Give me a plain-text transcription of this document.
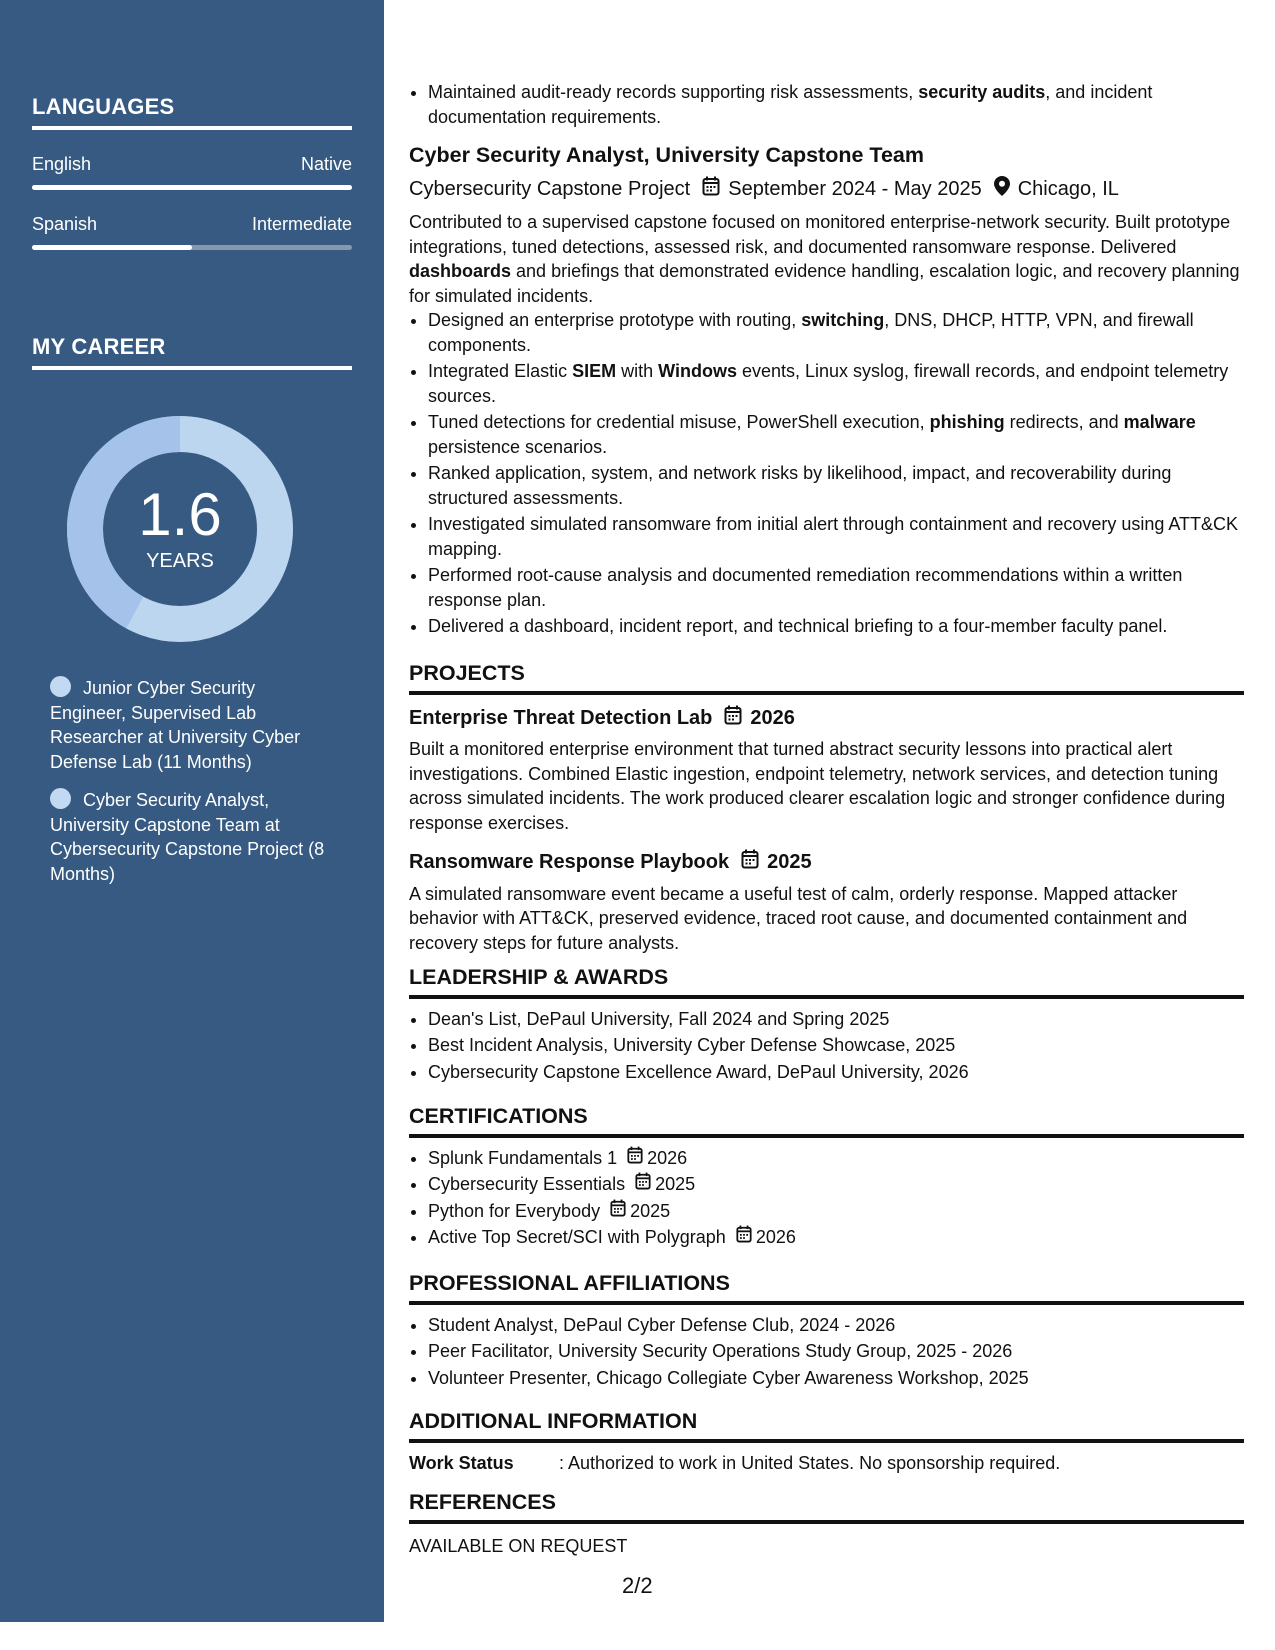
LANGUAGES
English	Native
Spanish	Intermediate
MY CAREER
1.6
YEARS
Junior Cyber Security Engineer, Supervised Lab Researcher at University Cyber Defense Lab (11 Months)
Cyber Security Analyst, University Capstone Team at Cybersecurity Capstone Project (8 Months)
• Maintained audit-ready records supporting risk assessments, security audits, and incident documentation requirements.
Cyber Security Analyst, University Capstone Team
Cybersecurity Capstone Project September 2024 - May 2025 Chicago, IL
Contributed to a supervised capstone focused on monitored enterprise-network security. Built prototype integrations, tuned detections, assessed risk, and documented ransomware response. Delivered dashboards and briefings that demonstrated evidence handling, escalation logic, and recovery planning for simulated incidents.
• Designed an enterprise prototype with routing, switching, DNS, DHCP, HTTP, VPN, and firewall components.
• Integrated Elastic SIEM with Windows events, Linux syslog, firewall records, and endpoint telemetry sources.
• Tuned detections for credential misuse, PowerShell execution, phishing redirects, and malware persistence scenarios.
• Ranked application, system, and network risks by likelihood, impact, and recoverability during structured assessments.
• Investigated simulated ransomware from initial alert through containment and recovery using ATT&CK mapping.
• Performed root-cause analysis and documented remediation recommendations within a written response plan.
• Delivered a dashboard, incident report, and technical briefing to a four-member faculty panel.
PROJECTS
Enterprise Threat Detection Lab 2026
Built a monitored enterprise environment that turned abstract security lessons into practical alert investigations. Combined Elastic ingestion, endpoint telemetry, network services, and detection tuning across simulated incidents. The work produced clearer escalation logic and stronger confidence during response exercises.
Ransomware Response Playbook 2025
A simulated ransomware event became a useful test of calm, orderly response. Mapped attacker behavior with ATT&CK, preserved evidence, traced root cause, and documented containment and recovery steps for future analysts.
LEADERSHIP & AWARDS
• Dean's List, DePaul University, Fall 2024 and Spring 2025
• Best Incident Analysis, University Cyber Defense Showcase, 2025
• Cybersecurity Capstone Excellence Award, DePaul University, 2026
CERTIFICATIONS
• Splunk Fundamentals 1 2026
• Cybersecurity Essentials 2025
• Python for Everybody 2025
• Active Top Secret/SCI with Polygraph 2026
PROFESSIONAL AFFILIATIONS
• Student Analyst, DePaul Cyber Defense Club, 2024 - 2026
• Peer Facilitator, University Security Operations Study Group, 2025 - 2026
• Volunteer Presenter, Chicago Collegiate Cyber Awareness Workshop, 2025
ADDITIONAL INFORMATION
Work Status	: Authorized to work in United States. No sponsorship required.
REFERENCES
AVAILABLE ON REQUEST
2/2
